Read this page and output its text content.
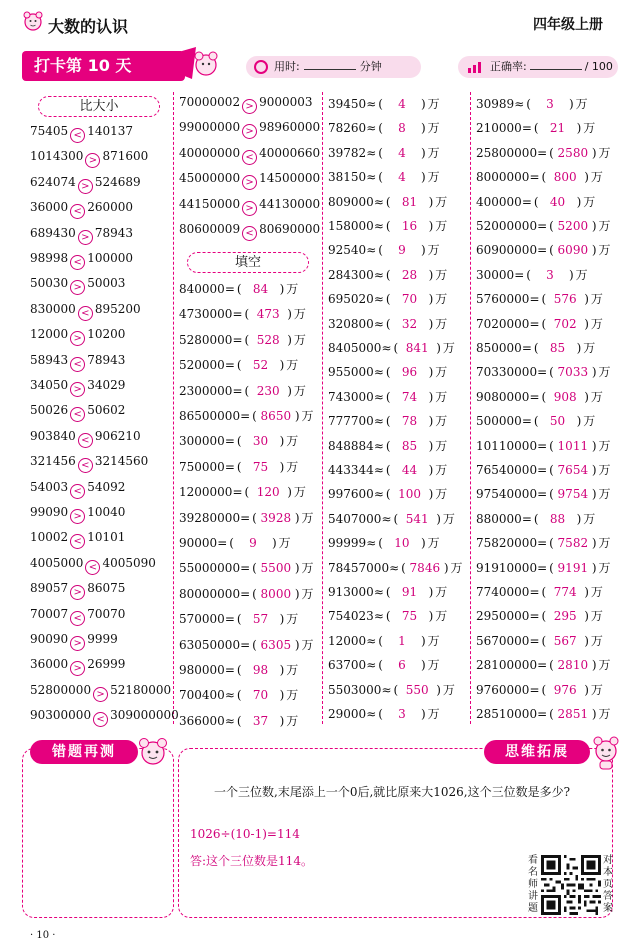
大数的认识	四年级上册
打卡第 10 天	用时:	分钟	正确率:	/ 100
比大小
75405 < 140137
1014300 > 871600
624074 > 524689
36000 < 260000
689430 > 78943
98998 < 100000
50030 > 50003
830000 < 895200
12000 > 10200
58943 < 78943
34050 > 34029
50026 < 50602
903840 < 906210
321456 < 3214560
54003 < 54092
99090 > 10040
10002 < 10101
4005000 < 4005090
89057 > 86075
70007 < 70070
90090 > 9999
36000 > 26999
52800000 > 52180000
90300000 < 309000000
填空
70000002 > 9000003
99000000 > 98960000
40000000 < 40000660
45000000 > 14500000
44150000 > 44130000
80600009 < 80690000
840000= ( 84 ) 万
4730000= ( 473 ) 万
5280000= ( 528 ) 万
520000= ( 52 ) 万
2300000= ( 230 ) 万
86500000= ( 8650 ) 万
300000= ( 30 ) 万
750000= ( 75 ) 万
1200000= ( 120 ) 万
39280000= ( 3928 ) 万
90000= ( 9 ) 万
55000000= ( 5500 ) 万
80000000= ( 8000 ) 万
570000= ( 57 ) 万
63050000= ( 6305 ) 万
980000= ( 98 ) 万
700400≈ ( 70 ) 万
366000≈ ( 37 ) 万
39450≈ ( 4 ) 万
78260≈ ( 8 ) 万
39782≈ ( 4 ) 万
38150≈ ( 4 ) 万
809000≈ ( 81 ) 万
158000≈ ( 16 ) 万
92540≈ ( 9 ) 万
284300≈ ( 28 ) 万
695020≈ ( 70 ) 万
320800≈ ( 32 ) 万
8405000≈ ( 841 ) 万
955000≈ ( 96 ) 万
743000≈ ( 74 ) 万
777700≈ ( 78 ) 万
848884≈ ( 85 ) 万
443344≈ ( 44 ) 万
997600≈ ( 100 ) 万
5407000≈ ( 541 ) 万
99999≈ ( 10 ) 万
78457000≈ ( 7846 ) 万
913000≈ ( 91 ) 万
754023≈ ( 75 ) 万
12000≈ ( 1 ) 万
63700≈ ( 6 ) 万
5503000≈ ( 550 ) 万
29000≈ ( 3 ) 万
30989≈ ( 3 ) 万
210000= ( 21 ) 万
25800000= ( 2580 ) 万
8000000= ( 800 ) 万
400000= ( 40 ) 万
52000000= ( 5200 ) 万
60900000= ( 6090 ) 万
30000= ( 3 ) 万
5760000= ( 576 ) 万
7020000= ( 702 ) 万
850000= ( 85 ) 万
70330000= ( 7033 ) 万
9080000= ( 908 ) 万
500000= ( 50 ) 万
10110000= ( 1011 ) 万
76540000= ( 7654 ) 万
97540000= ( 9754 ) 万
880000= ( 88 ) 万
75820000= ( 7582 ) 万
91910000= ( 9191 ) 万
7740000= ( 774 ) 万
2950000= ( 295 ) 万
5670000= ( 567 ) 万
28100000= ( 2810 ) 万
9760000= ( 976 ) 万
28510000= ( 2851 ) 万
错题再测	思维拓展
一个三位数,末尾添上一个0后,就比原来大1026,这个三位数是多少?
1026÷(10-1)=114
答:这个三位数是114。	看名师讲题
对本页答案
· 10 ·
